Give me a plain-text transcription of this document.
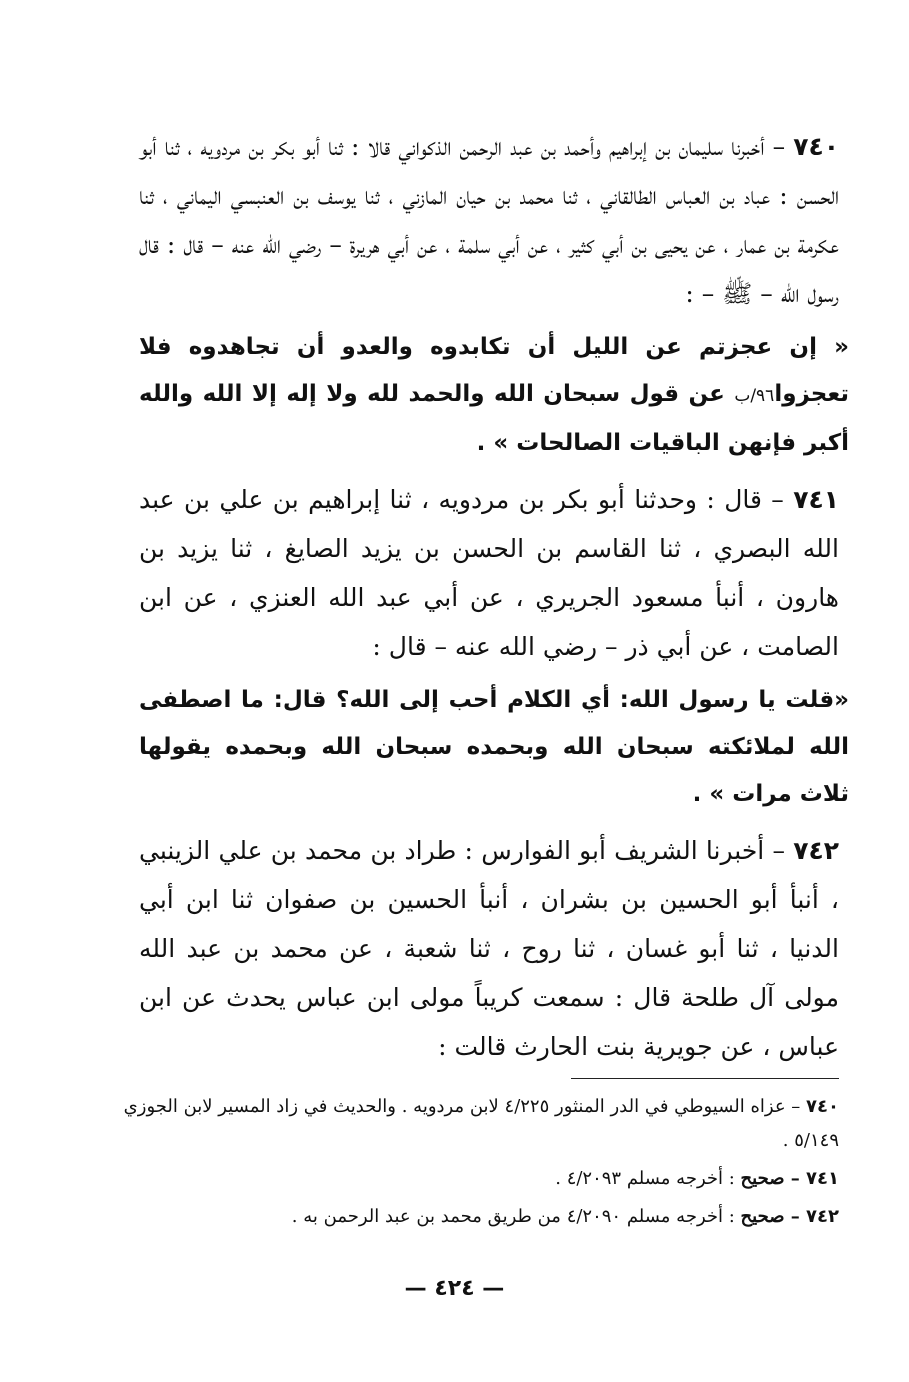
٧٤٠ – أخبرنا سليمان بن إبراهيم وأحمد بن عبد الرحمن الذكواني قالا : ثنا أبو بكر بن مردويه ، ثنا أبو الحسن : عباد بن العباس الطالقاني ، ثنا محمد بن حيان المازني ، ثنا يوسف بن العنبسي اليماني ، ثنا عكرمة بن عمار ، عن يحيى بن أبي كثير ، عن أبي سلمة ، عن أبي هريرة – رضي الله عنه – قال : قال رسول الله – ﷺ – :

« إن عجزتم عن الليل أن تكابدوه والعدو أن تجاهدوه فلا تعجزوا٩٦/ب عن قول سبحان الله والحمد لله ولا إله إلا الله والله أكبر فإنهن الباقيات الصالحات » .

٧٤١ – قال : وحدثنا أبو بكر بن مردويه ، ثنا إبراهيم بن علي بن عبد الله البصري ، ثنا القاسم بن الحسن بن يزيد الصايغ ، ثنا يزيد بن هارون ، أنبأ مسعود الجريري ، عن أبي عبد الله العنزي ، عن ابن الصامت ، عن أبي ذر – رضي الله عنه – قال :

«قلت يا رسول الله: أي الكلام أحب إلى الله؟ قال: ما اصطفى الله لملائكته سبحان الله وبحمده سبحان الله وبحمده يقولها ثلاث مرات » .

٧٤٢ – أخبرنا الشريف أبو الفوارس : طراد بن محمد بن علي الزينبي ، أنبأ أبو الحسين بن بشران ، أنبأ الحسين بن صفوان ثنا ابن أبي الدنيا ، ثنا أبو غسان ، ثنا روح ، ثنا شعبة ، عن محمد بن عبد الله مولى آل طلحة قال : سمعت كريباً مولى ابن عباس يحدث عن ابن عباس ، عن جويرية بنت الحارث قالت :

٧٤٠ – عزاه السيوطي في الدر المنثور ٤/٢٢٥ لابن مردويه . والحديث في زاد المسير لابن الجوزي ٥/١٤٩ .

٧٤١ – صحيح : أخرجه مسلم ٤/٢٠٩٣ .

٧٤٢ – صحيح : أخرجه مسلم ٤/٢٠٩٠ من طريق محمد بن عبد الرحمن به .

— ٤٢٤ —
